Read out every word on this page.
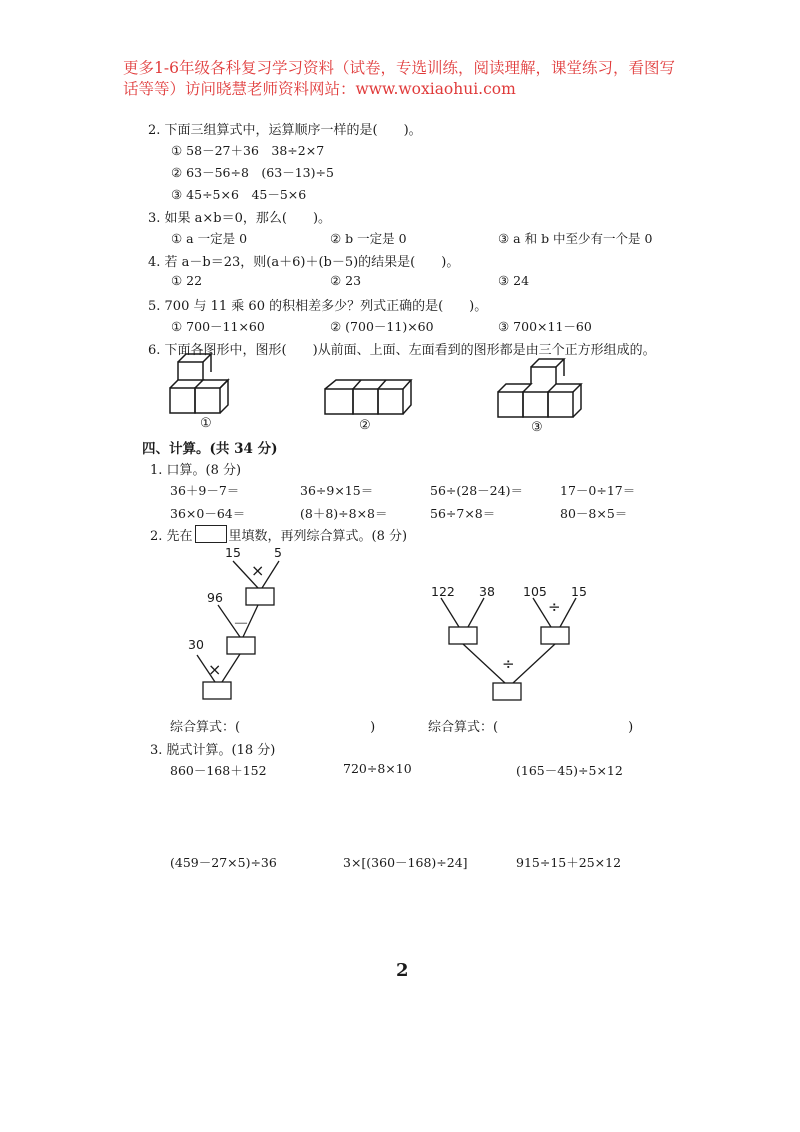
更多1-6年级各科复习学习资料（试卷，专选训练，阅读理解，课堂练习，看图写
话等等）访问晓慧老师资料网站：www.woxiaohui.com
2. 下面三组算式中，运算顺序一样的是(　　)。
① 58－27＋36　38÷2×7
② 63－56÷8　(63－13)÷5
③ 45÷5×6　45－5×6
3. 如果 a×b＝0，那么(　　)。
① a 一定是 0	② b 一定是 0	③ a 和 b 中至少有一个是 0
4. 若 a－b＝23，则(a＋6)＋(b－5)的结果是(　　)。
① 22	② 23	③ 24
5. 700 与 11 乘 60 的积相差多少？列式正确的是(　　)。
① 700－11×60	② (700－11)×60	③ 700×11－60
6. 下面各图形中，图形(　　)从前面、上面、左面看到的图形都是由三个正方形组成的。
①	②	③
四、计算。(共 34 分)
1. 口算。(8 分)
36＋9－7＝	36÷9×15＝	56÷(28－24)＝	17－0÷17＝
36×0－64＝	(8＋8)÷8×8＝	56÷7×8＝	80－8×5＝
2. 先在	里填数，再列综合算式。(8 分)
15	5
×
96
－
30
×
122 38 105 15
÷
÷
综合算式：(　　　　　　　　　　)	综合算式：(　　　　　　　　　　)
3. 脱式计算。(18 分)
860－168＋152	720÷8×10	(165－45)÷5×12
(459－27×5)÷36	3×[(360－168)÷24]	915÷15＋25×12
2
